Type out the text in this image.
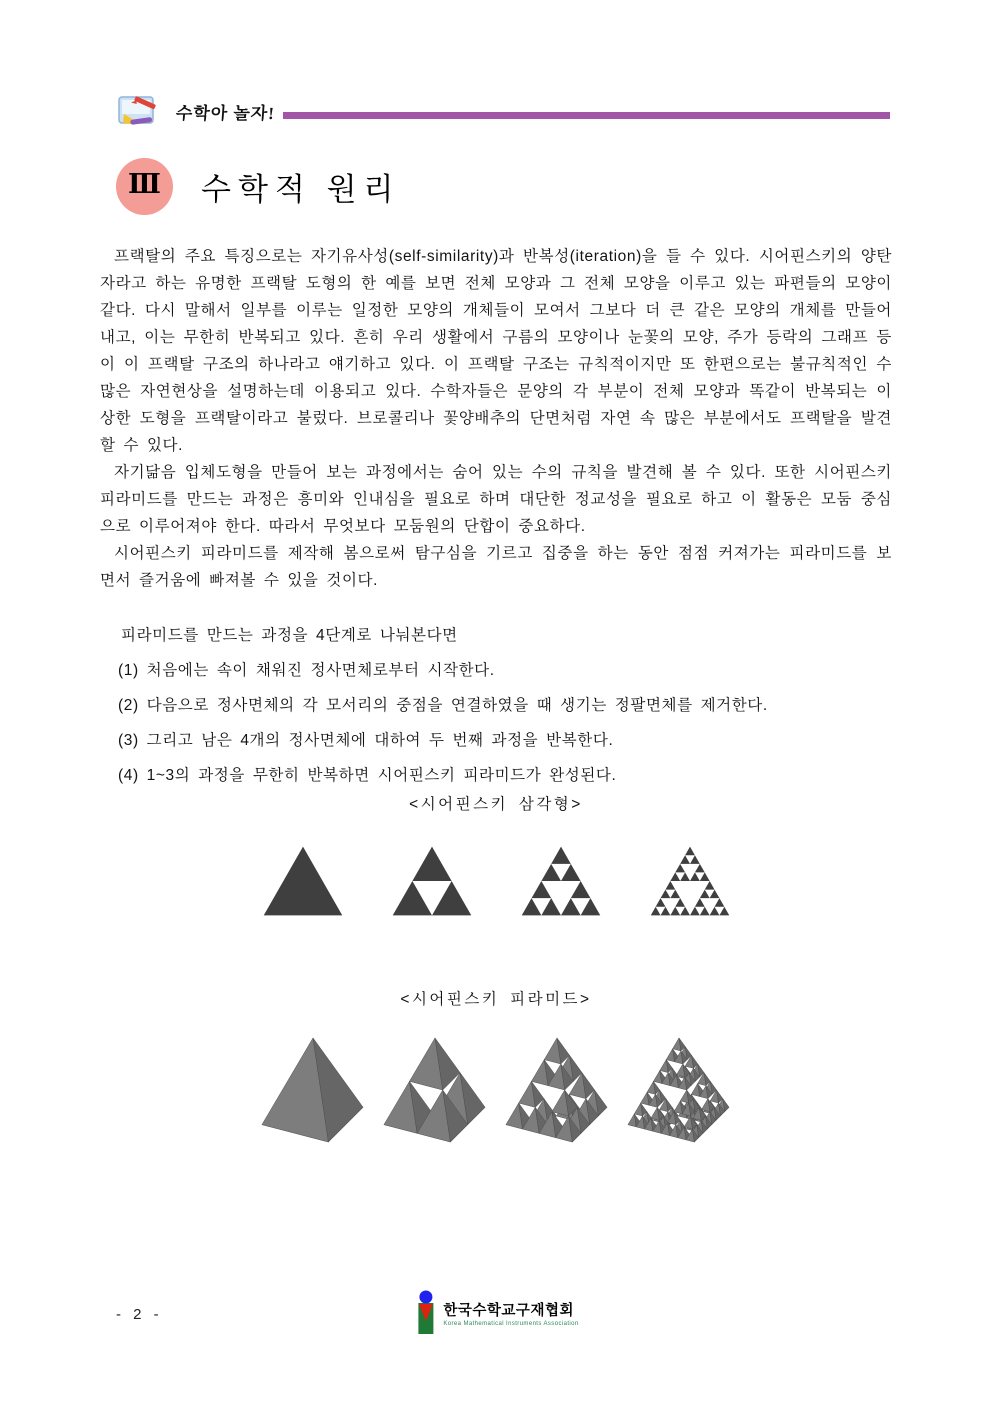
수학아 놀자!
Ⅲ 수학적 원리

프랙탈의 주요 특징으로는 자기유사성(self-similarity)과 반복성(iteration)을 들 수 있다. 시어핀스키의 양탄자라고 하는 유명한 프랙탈 도형의 한 예를 보면 전체 모양과 그 전체 모양을 이루고 있는 파편들의 모양이 같다. 다시 말해서 일부를 이루는 일정한 모양의 개체들이 모여서 그보다 더 큰 같은 모양의 개체를 만들어 내고, 이는 무한히 반복되고 있다. 흔히 우리 생활에서 구름의 모양이나 눈꽃의 모양, 주가 등락의 그래프 등이 이 프랙탈 구조의 하나라고 얘기하고 있다. 이 프랙탈 구조는 규칙적이지만 또 한편으로는 불규칙적인 수많은 자연현상을 설명하는데 이용되고 있다. 수학자들은 문양의 각 부분이 전체 모양과 똑같이 반복되는 이상한 도형을 프랙탈이라고 불렀다. 브로콜리나 꽃양배추의 단면처럼 자연 속 많은 부분에서도 프랙탈을 발견할 수 있다.

자기닮음 입체도형을 만들어 보는 과정에서는 숨어 있는 수의 규칙을 발견해 볼 수 있다. 또한 시어핀스키 피라미드를 만드는 과정은 흥미와 인내심을 필요로 하며 대단한 정교성을 필요로 하고 이 활동은 모둠 중심으로 이루어져야 한다. 따라서 무엇보다 모둠원의 단합이 중요하다.

시어핀스키 피라미드를 제작해 봄으로써 탐구심을 기르고 집중을 하는 동안 점점 커져가는 피라미드를 보면서 즐거움에 빠져볼 수 있을 것이다.

피라미드를 만드는 과정을 4단계로 나눠본다면
(1) 처음에는 속이 채워진 정사면체로부터 시작한다.
(2) 다음으로 정사면체의 각 모서리의 중점을 연결하였을 때 생기는 정팔면체를 제거한다.
(3) 그리고 남은 4개의 정사면체에 대하여 두 번째 과정을 반복한다.
(4) 1~3의 과정을 무한히 반복하면 시어핀스키 피라미드가 완성된다.
<시어핀스키 삼각형>
<시어핀스키 피라미드>
- 2 -	한국수학교구재협회
Korea Mathematical Instruments Association
